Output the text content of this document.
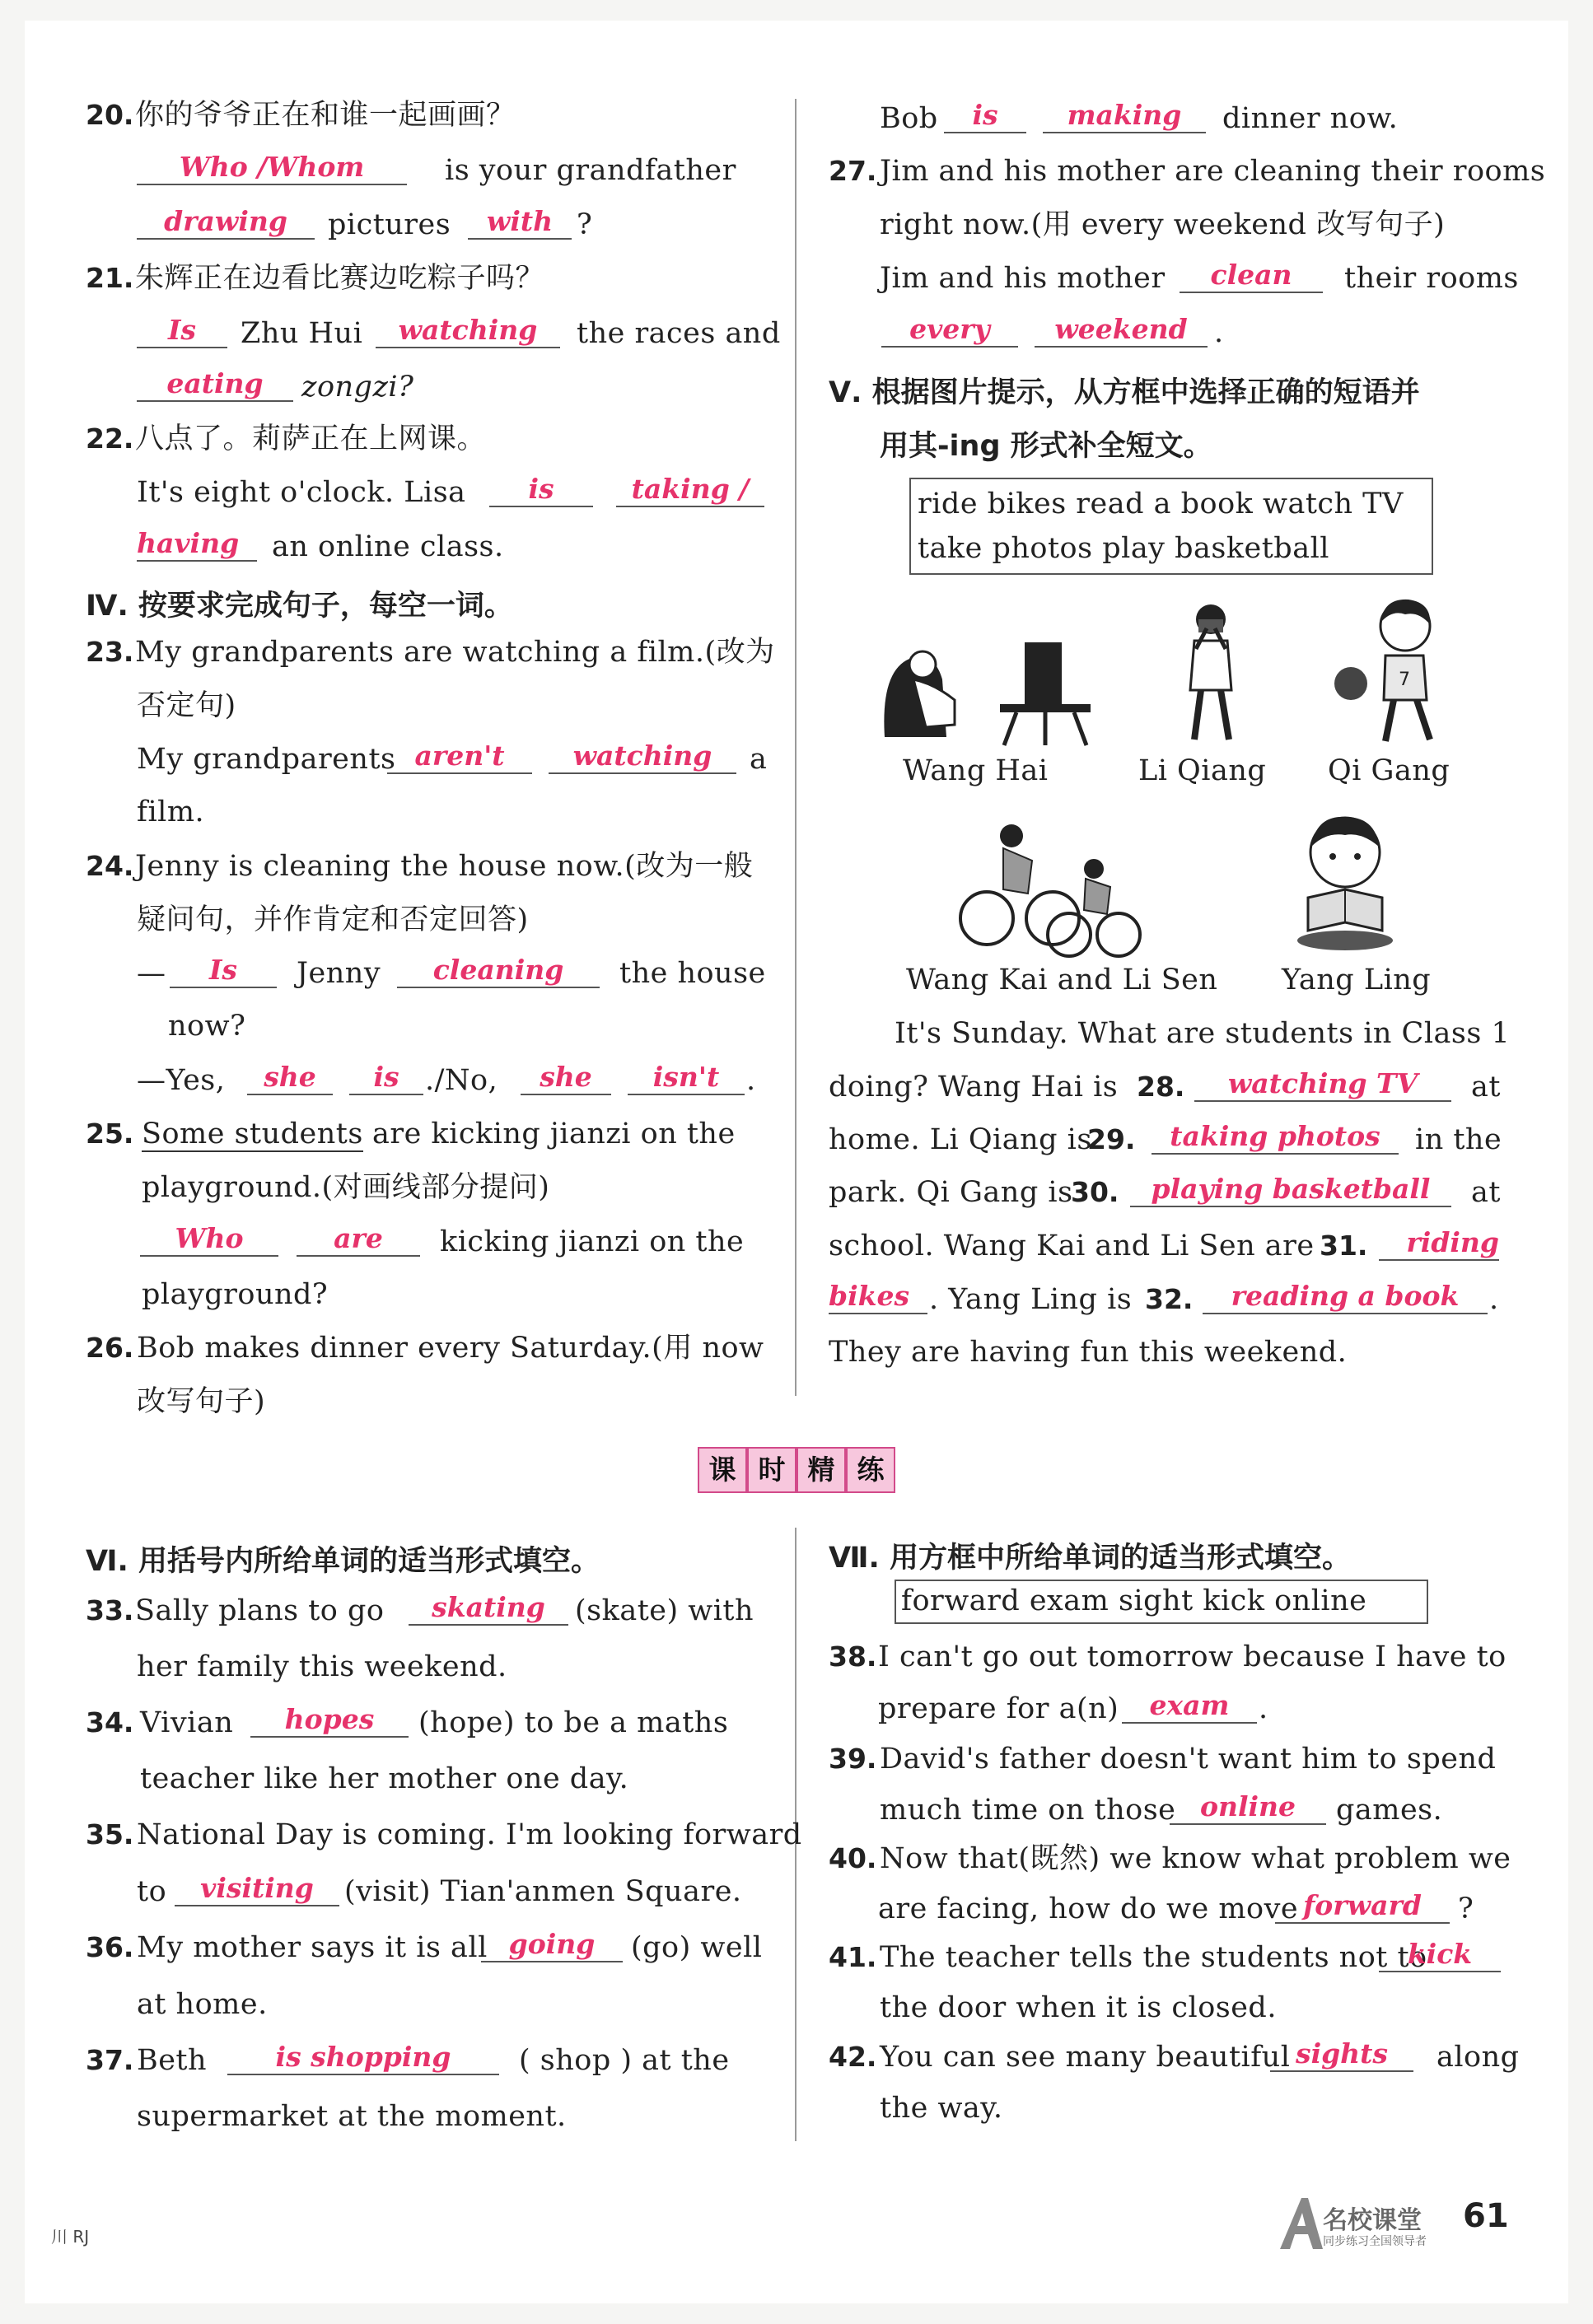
20. 你的爷爷正在和谁一起画画？
Who /Whom	is your grandfather
drawing	pictures	with ?
21. 朱辉正在边看比赛边吃粽子吗？
Is	Zhu Hui	watching	the races and
eating	zongzi?
22. 八点了。莉萨正在上网课。
It's eight o'clock. Lisa	is	taking /
having	an online class.
Ⅳ. 按要求完成句子，每空一词。
23. My grandparents are watching a film.(改为
否定句)
My grandparents aren't	watching	a
film.
24. Jenny is cleaning the house now.(改为一般
疑问句，并作肯定和否定回答)
—	Is	Jenny	cleaning	the house
now?
—Yes,	she	is ./No,	she	isn't .
25. Some students are kicking jianzi on the
playground.(对画线部分提问)
Who	are	kicking jianzi on the
playground?
26. Bob makes dinner every Saturday.(用 now
改写句子)
Bob	is	making	dinner now.
27. Jim and his mother are cleaning their rooms
right now.(用 every weekend 改写句子)
Jim and his mother	clean	their rooms
every	weekend .
Ⅴ. 根据图片提示，从方框中选择正确的短语并
用其-ing 形式补全短文。
ride bikes read a book watch TV
take photos play basketball
Wang Hai	Li Qiang
7
Qi Gang
Wang Kai and Li Sen Yang Ling
It's Sunday. What are students in Class 1
doing? Wang Hai is 28.	watching TV	at
home. Li Qiang is
29.	taking photos	in the
park. Qi Gang is
30.	playing basketball	at
school. Wang Kai and Li Sen are 31.	riding
bikes . Yang Ling is 32.	reading a book	.
They are having fun this weekend.
课 时 精 练
Ⅵ. 用括号内所给单词的适当形式填空。
33. Sally plans to go	skating	(skate) with
her family this weekend.
34. Vivian	hopes	(hope) to be a maths
teacher like her mother one day.
35. National Day is coming. I'm looking forward
to	visiting	(visit) Tian'anmen Square.
36. My mother says it is all going	(go) well
at home.
37. Beth	is shopping	( shop ) at the
supermarket at the moment.
Ⅶ. 用方框中所给单词的适当形式填空。
forward exam sight kick online
38. I can't go out tomorrow because I have to
prepare for a(n)	exam	.
39. David's father doesn't want him to spend
much time on those online	games.
40. Now that(既然) we know what problem we
are facing, how do we move forward	?
41. The teacher tells the students not to
kick
the door when it is closed.
42. You can see many beautiful sights	along
the way.
川 RJ
名校课堂
同步练习全国领导者
61
